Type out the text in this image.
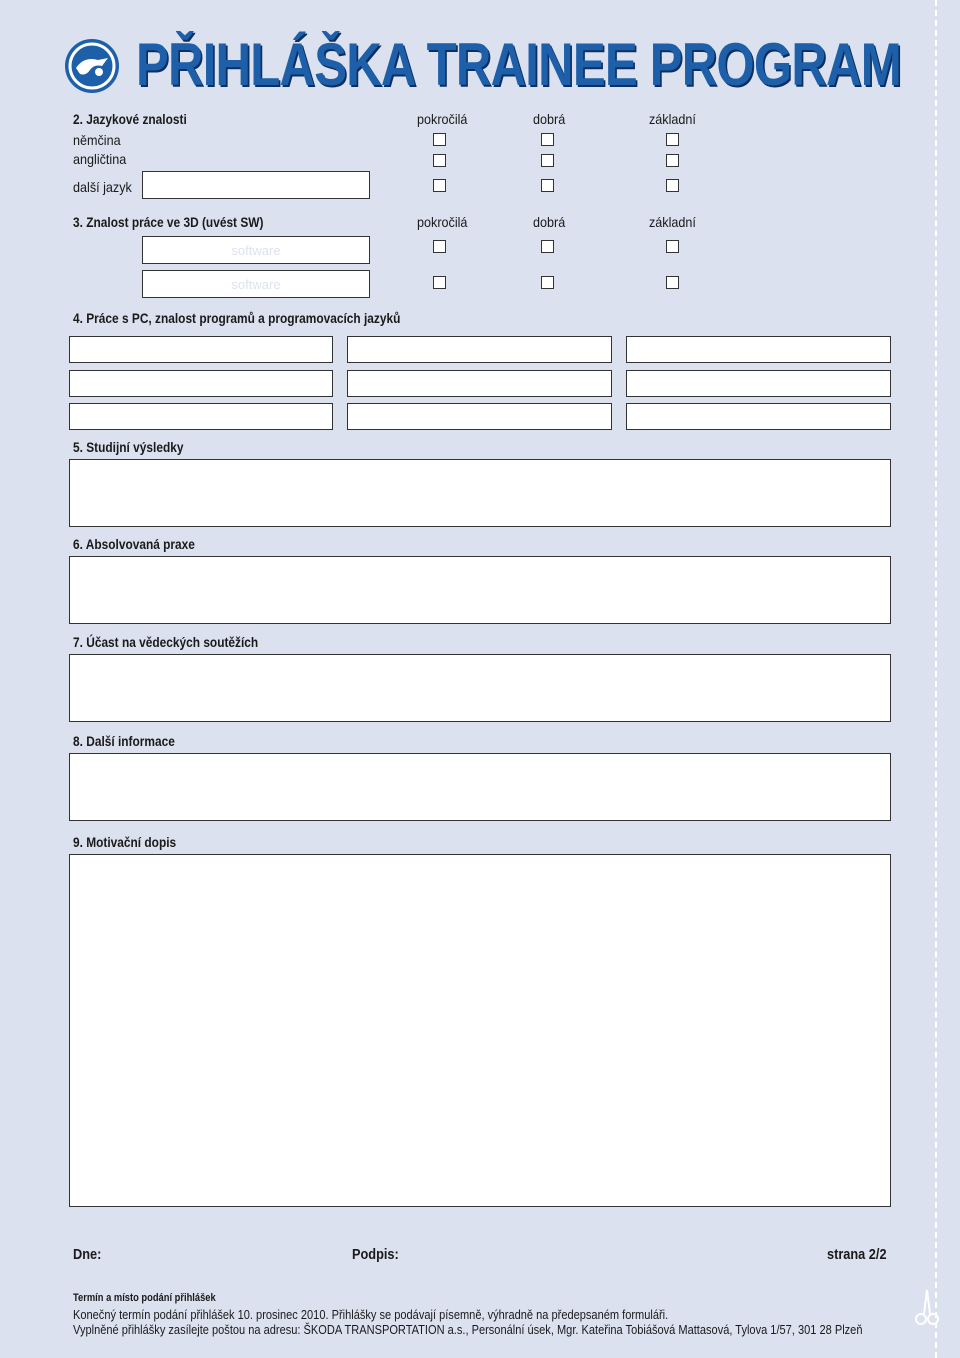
PŘIHLÁŠKA TRAINEE PROGRAM
2. Jazykové znalosti	pokročilá	dobrá	základní
němčina
angličtina
další jazyk
3. Znalost práce ve 3D (uvést SW)	pokročilá	dobrá	základní
software
software
4. Práce s PC, znalost programů a programovacích jazyků
5. Studijní výsledky
6. Absolvovaná praxe
7. Účast na vědeckých soutěžích
8. Další informace
9. Motivační dopis
Dne:	Podpis:	strana 2/2
Termín a místo podání přihlášek
Konečný termín podání přihlášek 10. prosinec 2010. Přihlášky se podávají písemně, výhradně na předepsaném formuláři.
Vyplněné přihlášky zasílejte poštou na adresu: ŠKODA TRANSPORTATION a.s., Personální úsek, Mgr. Kateřina Tobiášová Mattasová, Tylova 1/57, 301 28 Plzeň
